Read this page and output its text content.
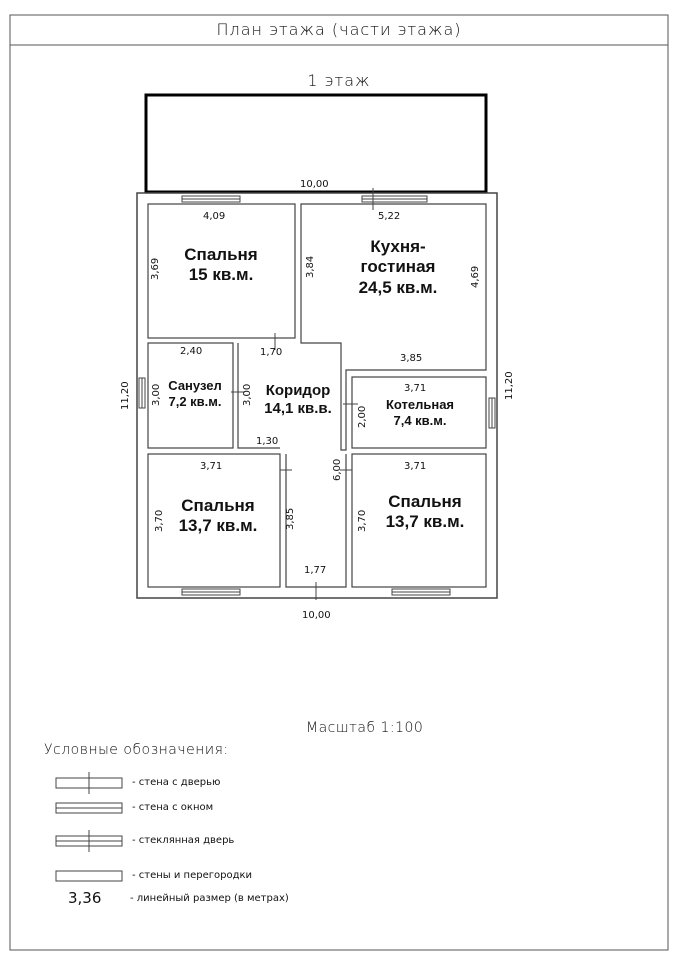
План этажа (части этажа)
1 этаж
Спальня
15 кв.м.
Кухня-
гостиная
24,5 кв.м.
Санузел
7,2 кв.м.
Коридор
14,1 кв.в.	Котельная
7,4 кв.м.
Спальня
13,7 кв.м.
Спальня
13,7 кв.м.
10,00
4,09	5,22
1,70
2,40
3,85
3,71
1,30
3,71	3,71
1,77
10,00
3,69	3,84	4,69
11,20	11,20
3,00	3,00
2,00
6,00
3,70	3,85	3,70
Масштаб 1:100
Условные обозначения:
- стена с дверью
- стена с окном
- стеклянная дверь
- стены и перегородки
3,36	- линейный размер (в метрах)
